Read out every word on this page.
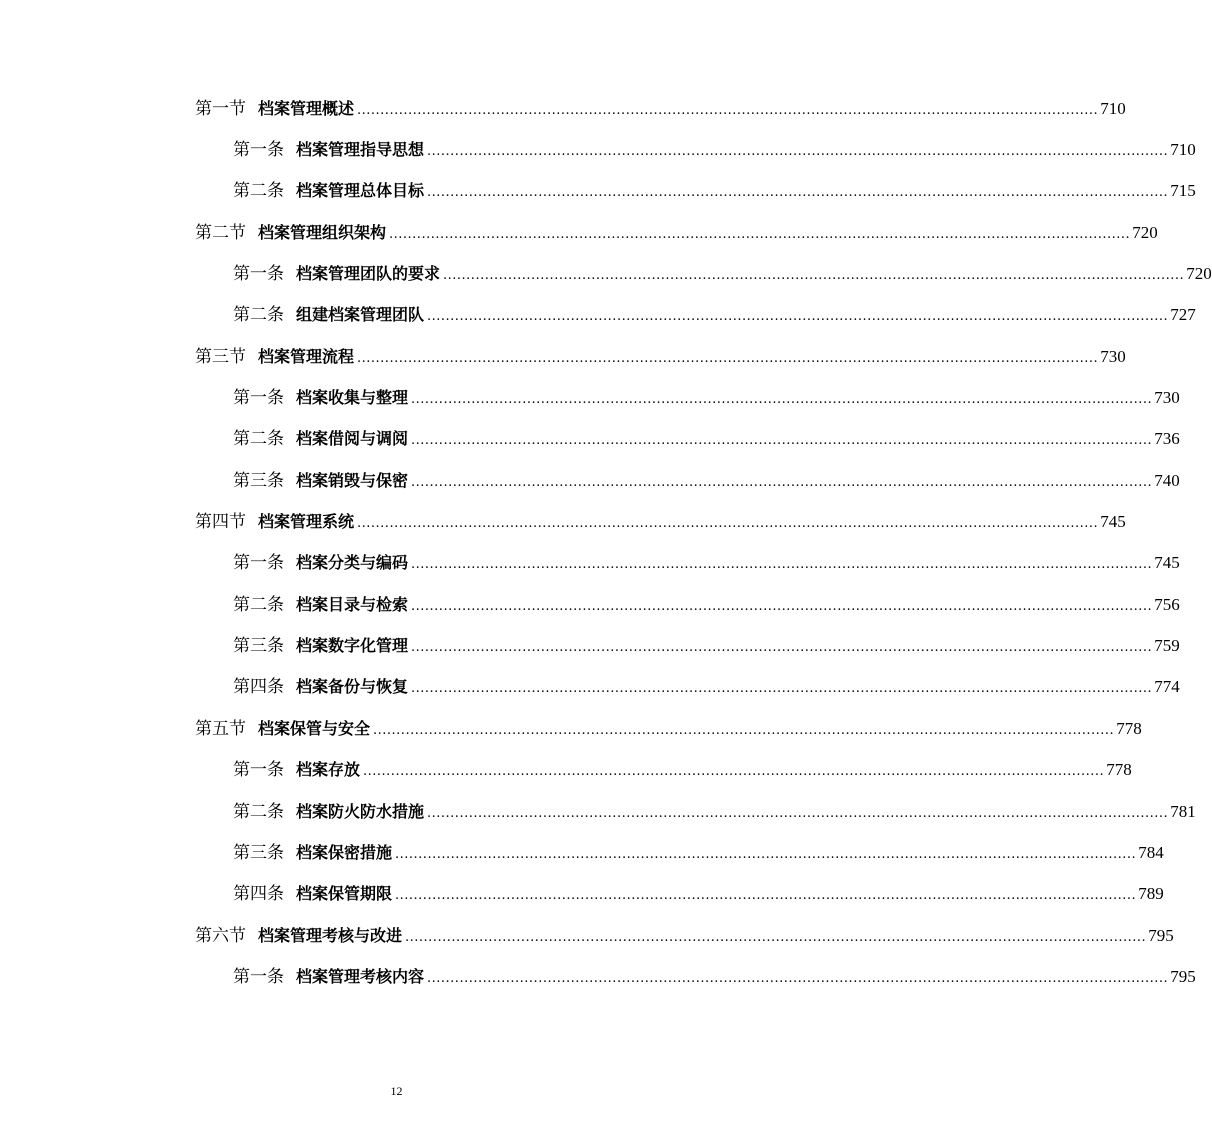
第一节 档案管理概述 ................................................................................................................................................................ 710
第一条 档案管理指导思想 ................................................................................................................................................................ 710
第二条 档案管理总体目标 ................................................................................................................................................................ 715
第二节 档案管理组织架构 ................................................................................................................................................................ 720
第一条 档案管理团队的要求 ................................................................................................................................................................ 720
第二条 组建档案管理团队 ................................................................................................................................................................ 727
第三节 档案管理流程 ................................................................................................................................................................ 730
第一条 档案收集与整理 ................................................................................................................................................................ 730
第二条 档案借阅与调阅 ................................................................................................................................................................ 736
第三条 档案销毁与保密 ................................................................................................................................................................ 740
第四节 档案管理系统 ................................................................................................................................................................ 745
第一条 档案分类与编码 ................................................................................................................................................................ 745
第二条 档案目录与检索 ................................................................................................................................................................ 756
第三条 档案数字化管理 ................................................................................................................................................................ 759
第四条 档案备份与恢复 ................................................................................................................................................................ 774
第五节 档案保管与安全 ................................................................................................................................................................ 778
第一条 档案存放 ................................................................................................................................................................ 778
第二条 档案防火防水措施 ................................................................................................................................................................ 781
第三条 档案保密措施 ................................................................................................................................................................ 784
第四条 档案保管期限 ................................................................................................................................................................ 789
第六节 档案管理考核与改进 ................................................................................................................................................................ 795
第一条 档案管理考核内容 ................................................................................................................................................................ 795
12
